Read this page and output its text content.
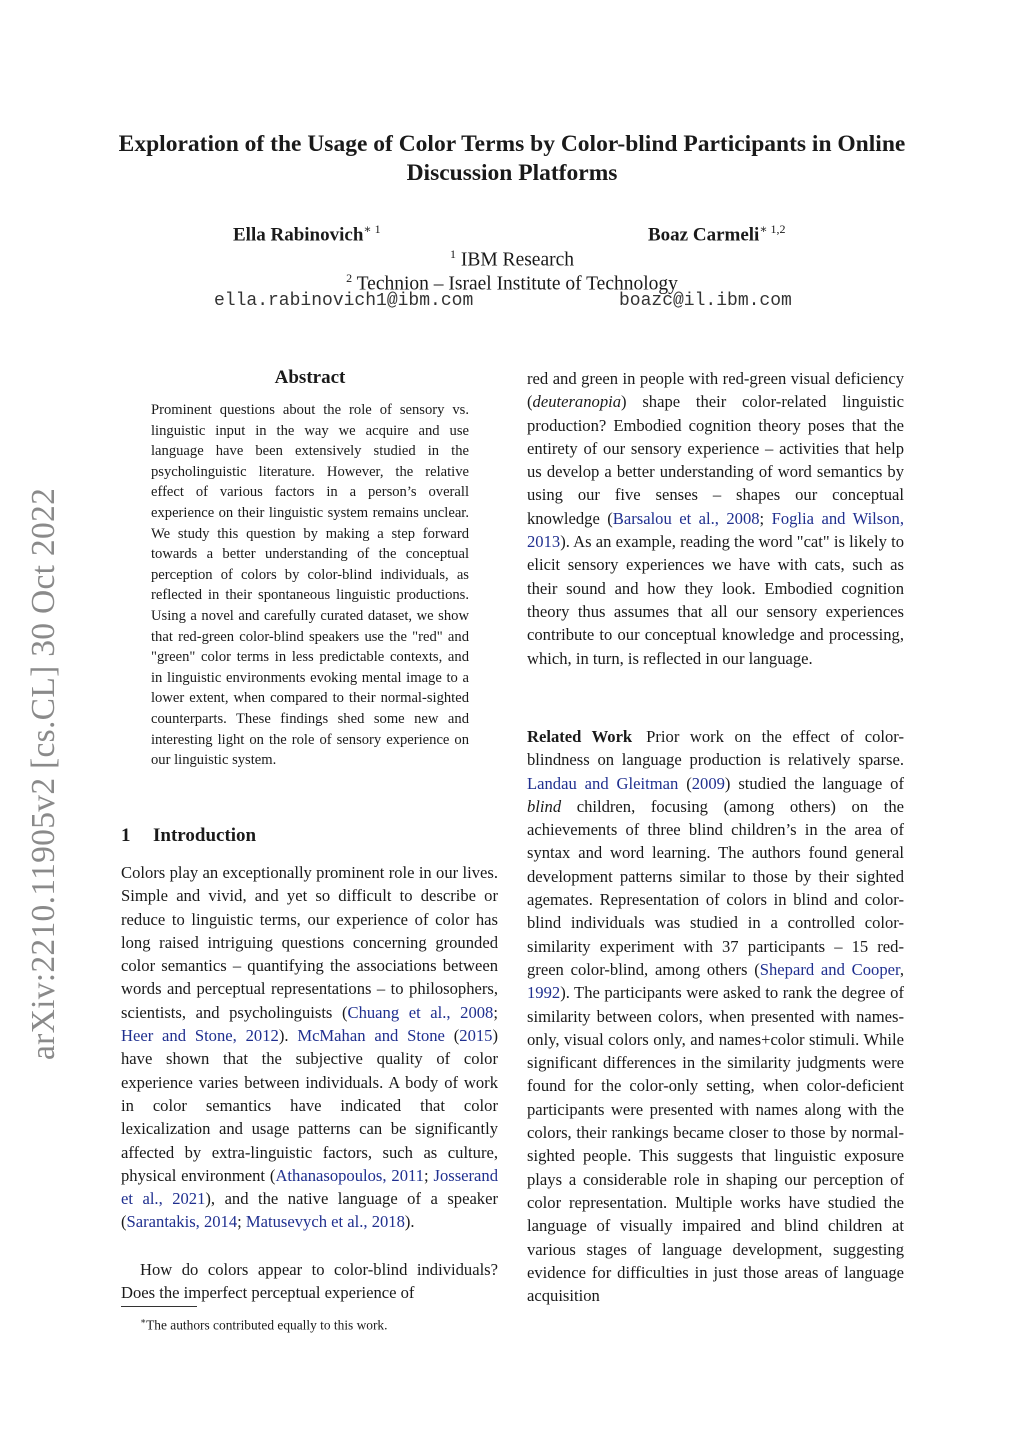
arXiv:2210.11905v2 [cs.CL] 30 Oct 2022
Exploration of the Usage of Color Terms by Color-blind Participants in Online Discussion Platforms
Ella Rabinovich$^{∗ 1}$	Boaz Carmeli$^{∗ 1,2}$
$^1$ IBM Research
$^2$ Technion – Israel Institute of Technology
ella.rabinovich1@ibm.com	boazc@il.ibm.com
Abstract

Prominent questions about the role of sensory vs. linguistic input in the way we acquire and use language have been extensively studied in the psycholinguistic literature. However, the relative effect of various factors in a person’s overall experience on their linguistic system remains unclear. We study this question by making a step forward towards a better understanding of the conceptual perception of colors by color-blind individuals, as reflected in their spontaneous linguistic productions. Using a novel and carefully curated dataset, we show that red-green color-blind speakers use the "red" and "green" color terms in less predictable contexts, and in linguistic environments evoking mental image to a lower extent, when compared to their normal-sighted counterparts. These findings shed some new and interesting light on the role of sensory experience on our linguistic system.

1 Introduction

Colors play an exceptionally prominent role in our lives. Simple and vivid, and yet so difficult to describe or reduce to linguistic terms, our experience of color has long raised intriguing questions concerning grounded color semantics – quantifying the associations between words and perceptual representations – to philosophers, scientists, and psycholinguists (Chuang et al., 2008; Heer and Stone, 2012). McMahan and Stone (2015) have shown that the subjective quality of color experience varies between individuals. A body of work in color semantics have indicated that color lexicalization and usage patterns can be significantly affected by extra-linguistic factors, such as culture, physical environment (Athanasopoulos, 2011; Josserand et al., 2021), and the native language of a speaker (Sarantakis, 2014; Matusevych et al., 2018).

How do colors appear to color-blind individuals? Does the imperfect perceptual experience of

∗The authors contributed equally to this work.

red and green in people with red-green visual deficiency (deuteranopia) shape their color-related linguistic production? Embodied cognition theory poses that the entirety of our sensory experience – activities that help us develop a better understanding of word semantics by using our five senses – shapes our conceptual knowledge (Barsalou et al., 2008; Foglia and Wilson, 2013). As an example, reading the word "cat" is likely to elicit sensory experiences we have with cats, such as their sound and how they look. Embodied cognition theory thus assumes that all our sensory experiences contribute to our conceptual knowledge and processing, which, in turn, is reflected in our language.

Related Work Prior work on the effect of color-blindness on language production is relatively sparse. Landau and Gleitman (2009) studied the language of blind children, focusing (among others) on the achievements of three blind children’s in the area of syntax and word learning. The authors found general development patterns similar to those by their sighted agemates. Representation of colors in blind and color-blind individuals was studied in a controlled color-similarity experiment with 37 participants – 15 red-green color-blind, among others (Shepard and Cooper, 1992). The participants were asked to rank the degree of similarity between colors, when presented with names-only, visual colors only, and names+color stimuli. While significant differences in the similarity judgments were found for the color-only setting, when color-deficient participants were presented with names along with the colors, their rankings became closer to those by normal-sighted people. This suggests that linguistic exposure plays a considerable role in shaping our perception of color representation. Multiple works have studied the language of visually impaired and blind children at various stages of language development, suggesting evidence for difficulties in just those areas of language acquisition
